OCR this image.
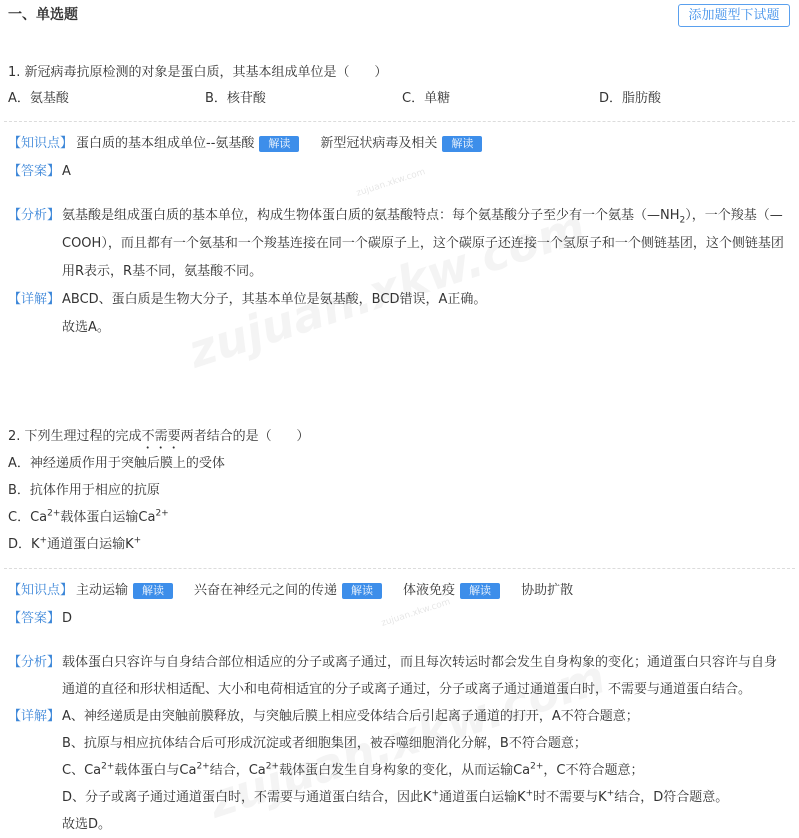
zujuan.xkw.com
zujuan.xkw.com
一、单选题	添加题型下试题
1. 新冠病毒抗原检测的对象是蛋白质，其基本组成单位是（      ）
A．氨基酸	B．核苷酸	C．单糖	D．脂肪酸
【知识点】 蛋白质的基本组成单位--氨基酸	解读	新型冠状病毒及相关	解读
【答案】 A
【分析】 氨基酸是组成蛋白质的基本单位，构成生物体蛋白质的氨基酸特点：每个氨基酸分子至少有一个氨基$(—NH_2)$，一个羧基（—COOH），而且都有一个氨基和一个羧基连接在同一个碳原子上，这个碳原子还连接一个氢原子和一个侧链基团，这个侧链基团用R表示，R基不同，氨基酸不同。
【详解】 ABCD、蛋白质是生物大分子，其基本单位是氨基酸，BCD错误，A正确。
故选A。
2. 下列生理过程的完成不需要两者结合的是（      ）
A．神经递质作用于突触后膜上的受体
B．抗体作用于相应的抗原
C．$Ca^{2+}$载体蛋白运输$Ca^{2+}$
D．K+通道蛋白运输K+
【知识点】 主动运输	解读	兴奋在神经元之间的传递	解读	体液免疫	解读	协助扩散
【答案】 D
【分析】 载体蛋白只容许与自身结合部位相适应的分子或离子通过，而且每次转运时都会发生自身构象的变化；通道蛋白只容许与自身通道的直径和形状相适配、大小和电荷相适宜的分子或离子通过，分子或离子通过通道蛋白时，不需要与通道蛋白结合。
【详解】 A、神经递质是由突触前膜释放，与突触后膜上相应受体结合后引起离子通道的打开，A不符合题意；
B、抗原与相应抗体结合后可形成沉淀或者细胞集团，被吞噬细胞消化分解，B不符合题意；
C、$Ca^{2+}$载体蛋白与$Ca^{2+}$结合，$Ca^{2+}$载体蛋白发生自身构象的变化，从而运输$Ca^{2+}$，C不符合题意；
D、分子或离子通过通道蛋白时，不需要与通道蛋白结合，因此K+通道蛋白运输K+时不需要与K+结合，D符合题意。
故选D。
